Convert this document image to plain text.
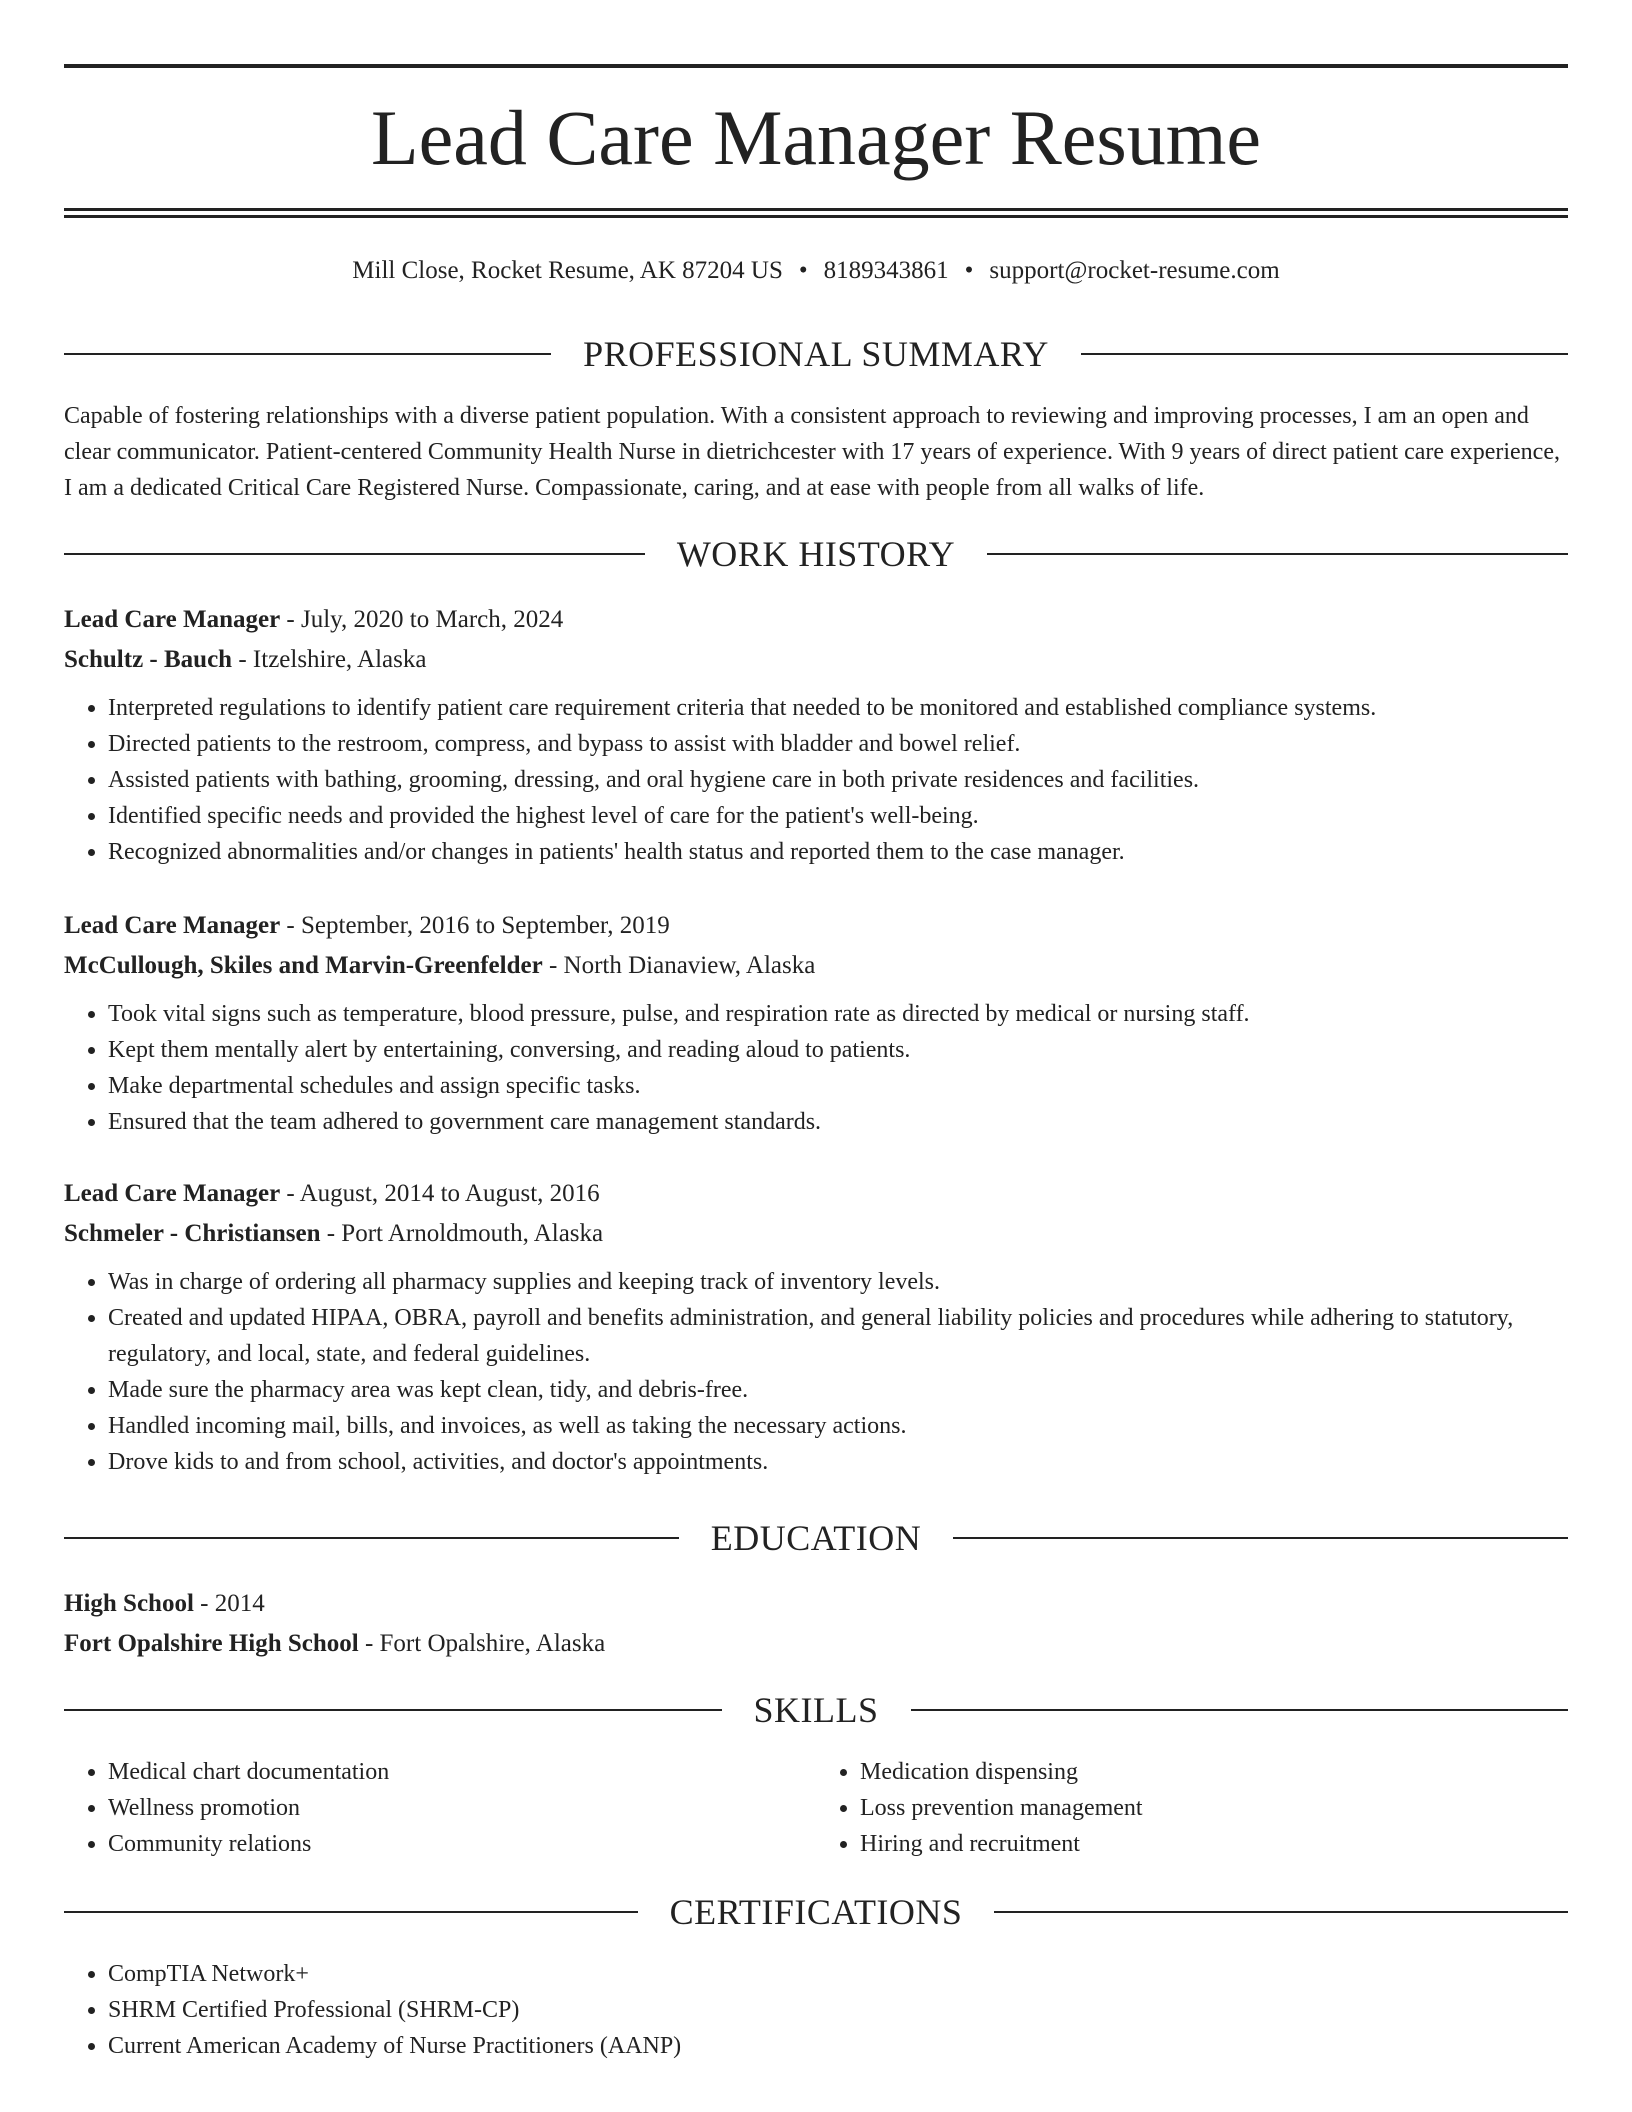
Lead Care Manager Resume
Mill Close, Rocket Resume, AK 87204 US • 8189343861 • support@rocket-resume.com
PROFESSIONAL SUMMARY
Capable of fostering relationships with a diverse patient population. With a consistent approach to reviewing and improving processes, I am an open and clear communicator. Patient-centered Community Health Nurse in dietrichcester with 17 years of experience. With 9 years of direct patient care experience, I am a dedicated Critical Care Registered Nurse. Compassionate, caring, and at ease with people from all walks of life.
WORK HISTORY
Lead Care Manager - July, 2020 to March, 2024
Schultz - Bauch - Itzelshire, Alaska
• Interpreted regulations to identify patient care requirement criteria that needed to be monitored and established compliance systems.
• Directed patients to the restroom, compress, and bypass to assist with bladder and bowel relief.
• Assisted patients with bathing, grooming, dressing, and oral hygiene care in both private residences and facilities.
• Identified specific needs and provided the highest level of care for the patient's well-being.
• Recognized abnormalities and/or changes in patients' health status and reported them to the case manager.
Lead Care Manager - September, 2016 to September, 2019
McCullough, Skiles and Marvin-Greenfelder - North Dianaview, Alaska
• Took vital signs such as temperature, blood pressure, pulse, and respiration rate as directed by medical or nursing staff.
• Kept them mentally alert by entertaining, conversing, and reading aloud to patients.
• Make departmental schedules and assign specific tasks.
• Ensured that the team adhered to government care management standards.
Lead Care Manager - August, 2014 to August, 2016
Schmeler - Christiansen - Port Arnoldmouth, Alaska
• Was in charge of ordering all pharmacy supplies and keeping track of inventory levels.
• Created and updated HIPAA, OBRA, payroll and benefits administration, and general liability policies and procedures while adhering to statutory, regulatory, and local, state, and federal guidelines.
• Made sure the pharmacy area was kept clean, tidy, and debris-free.
• Handled incoming mail, bills, and invoices, as well as taking the necessary actions.
• Drove kids to and from school, activities, and doctor's appointments.
EDUCATION
High School - 2014
Fort Opalshire High School - Fort Opalshire, Alaska
SKILLS
• Medical chart documentation
• Wellness promotion
• Community relations
• Medication dispensing
• Loss prevention management
• Hiring and recruitment
CERTIFICATIONS
• CompTIA Network+
• SHRM Certified Professional (SHRM-CP)
• Current American Academy of Nurse Practitioners (AANP)
